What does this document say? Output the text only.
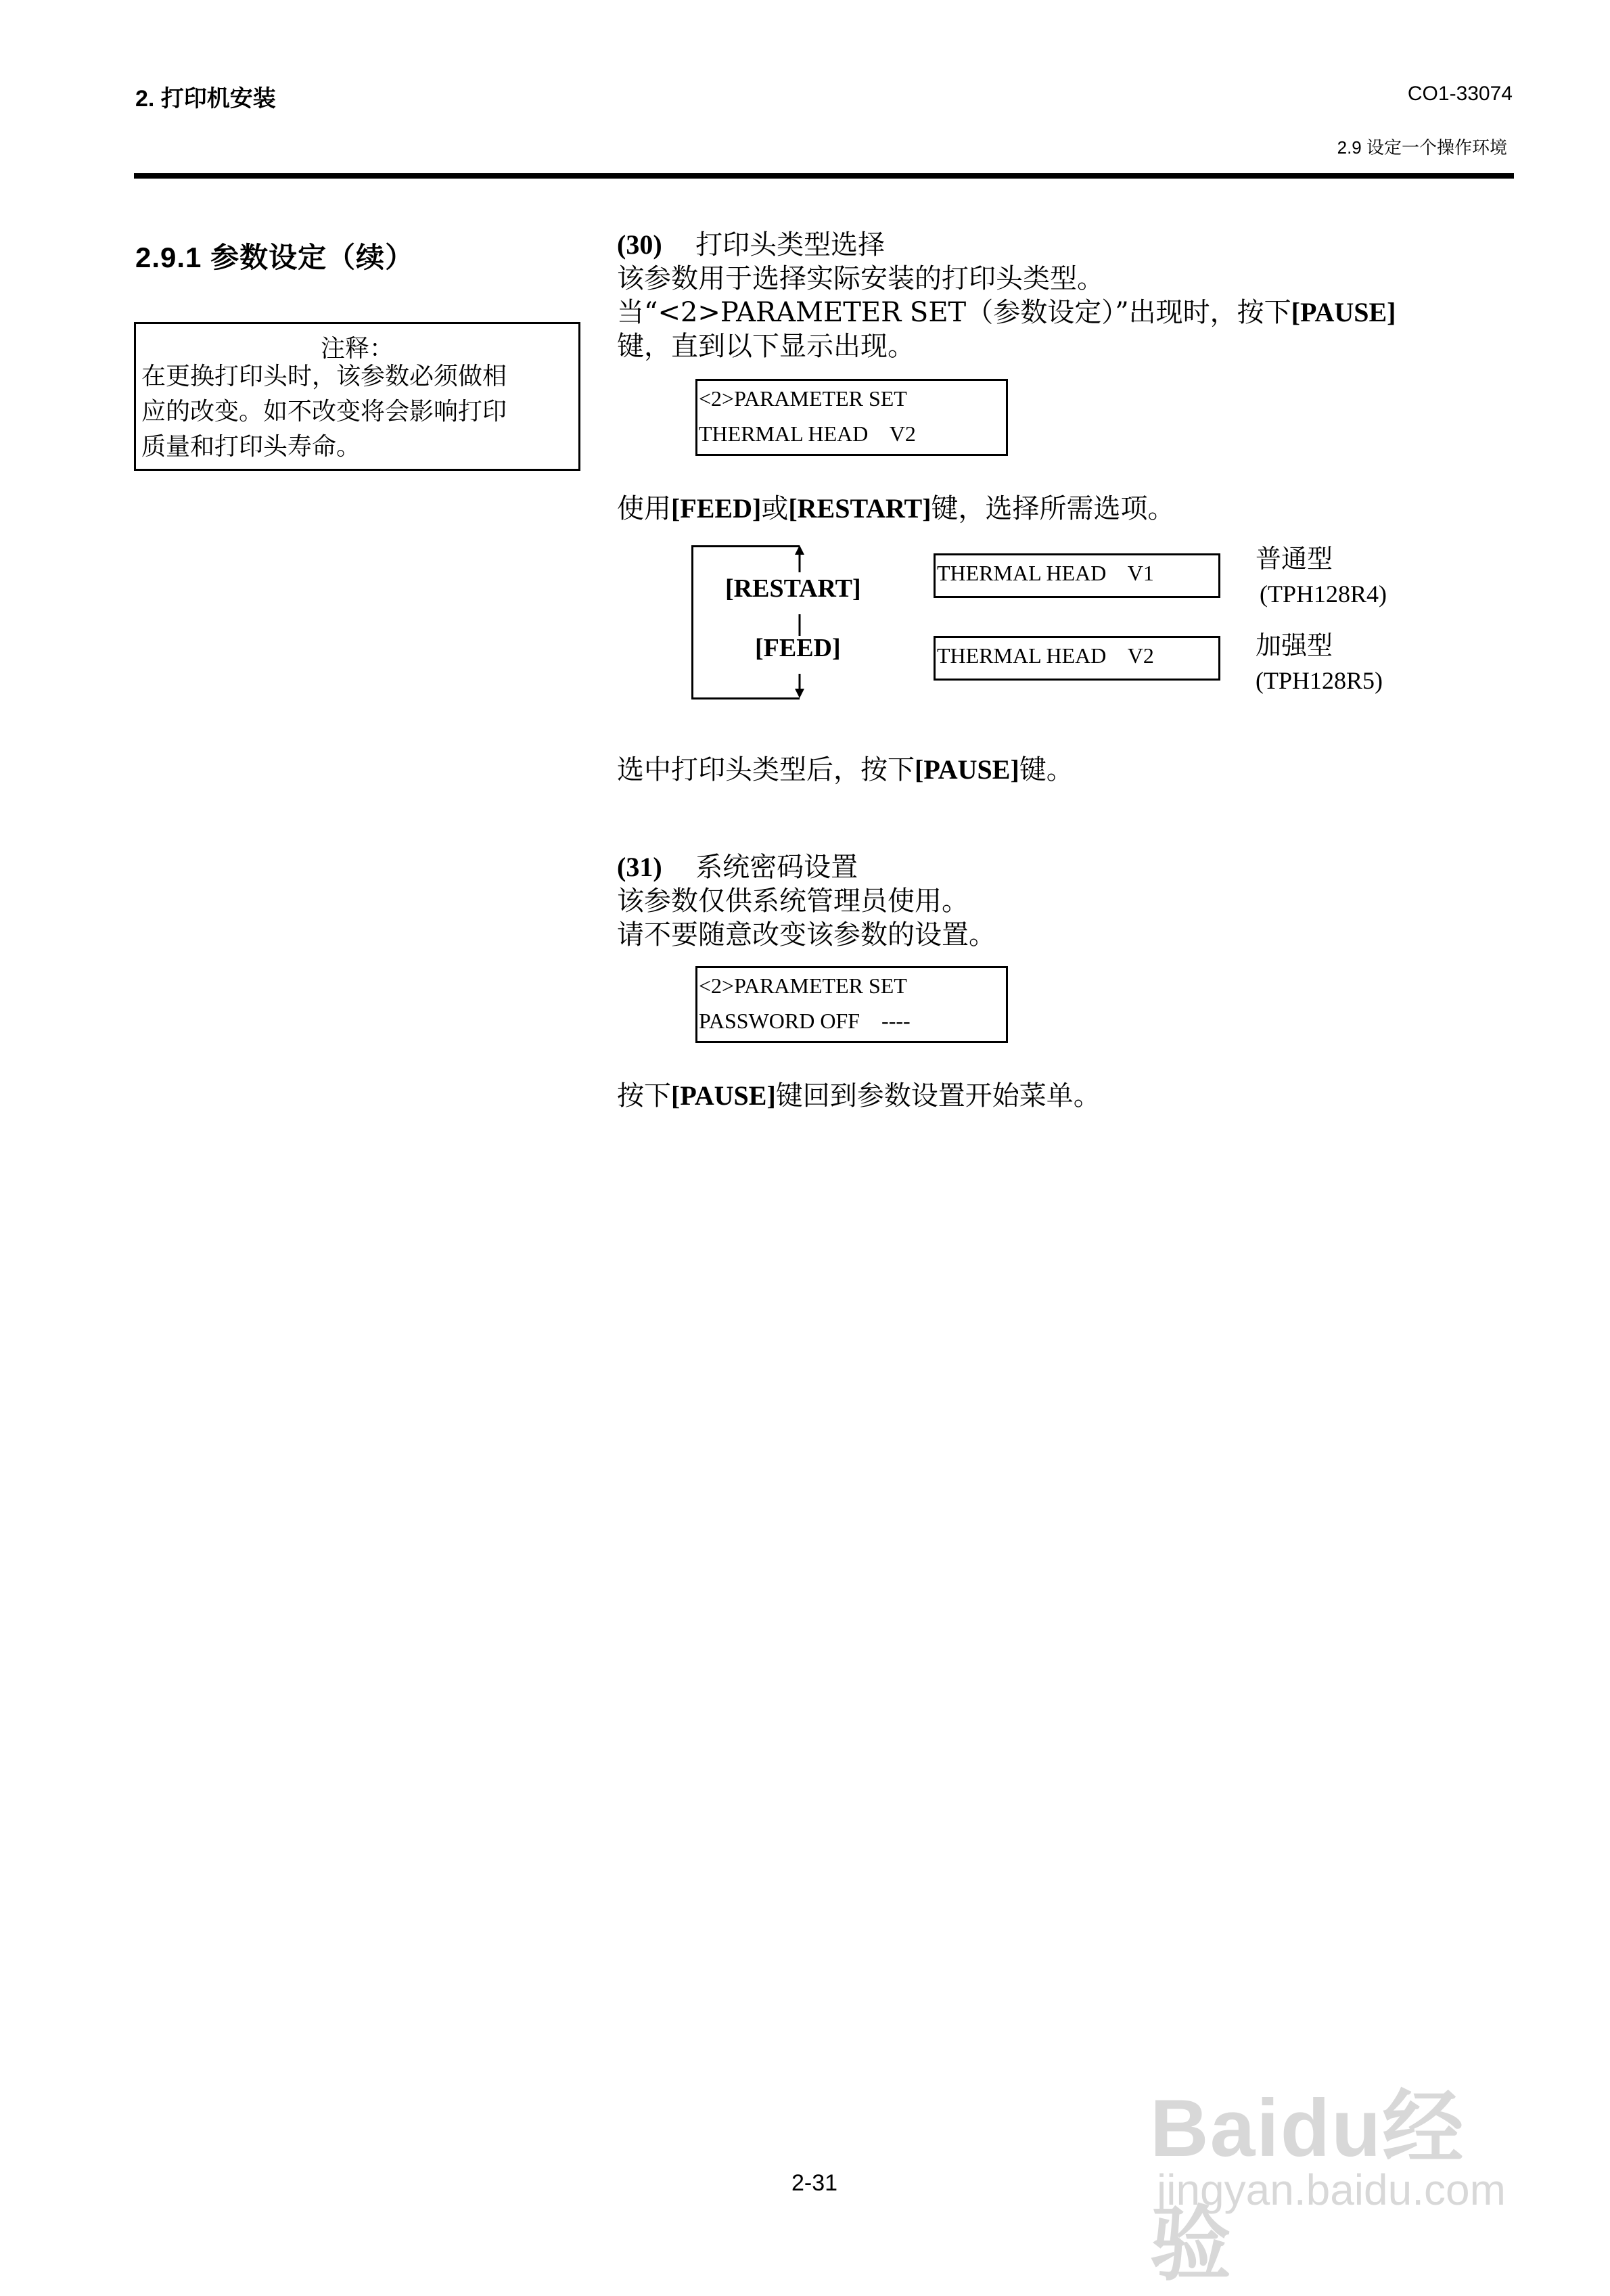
2. 打印机安装	CO1-33074
2.9 设定一个操作环境
2.9.1 参数设定（续）
注释：
在更换打印头时，该参数必须做相
应的改变。如不改变将会影响打印
质量和打印头寿命。
(30) 打印头类型选择
该参数用于选择实际安装的打印头类型。
当“<2>PARAMETER SET（参数设定）”出现时，按下[PAUSE]
键，直到以下显示出现。
<2>PARAMETER SET
THERMAL HEAD    V2
使用[FEED]或[RESTART]键，选择所需选项。
[RESTART]
[FEED]
THERMAL HEAD    V1	普通型
(TPH128R4)
THERMAL HEAD    V2	加强型
(TPH128R5)
选中打印头类型后，按下[PAUSE]键。
(31) 系统密码设置
该参数仅供系统管理员使用。
请不要随意改变该参数的设置。
<2>PARAMETER SET
PASSWORD OFF    ----
按下[PAUSE]键回到参数设置开始菜单。
Baidu经验
jingyan.baidu.com
2-31
